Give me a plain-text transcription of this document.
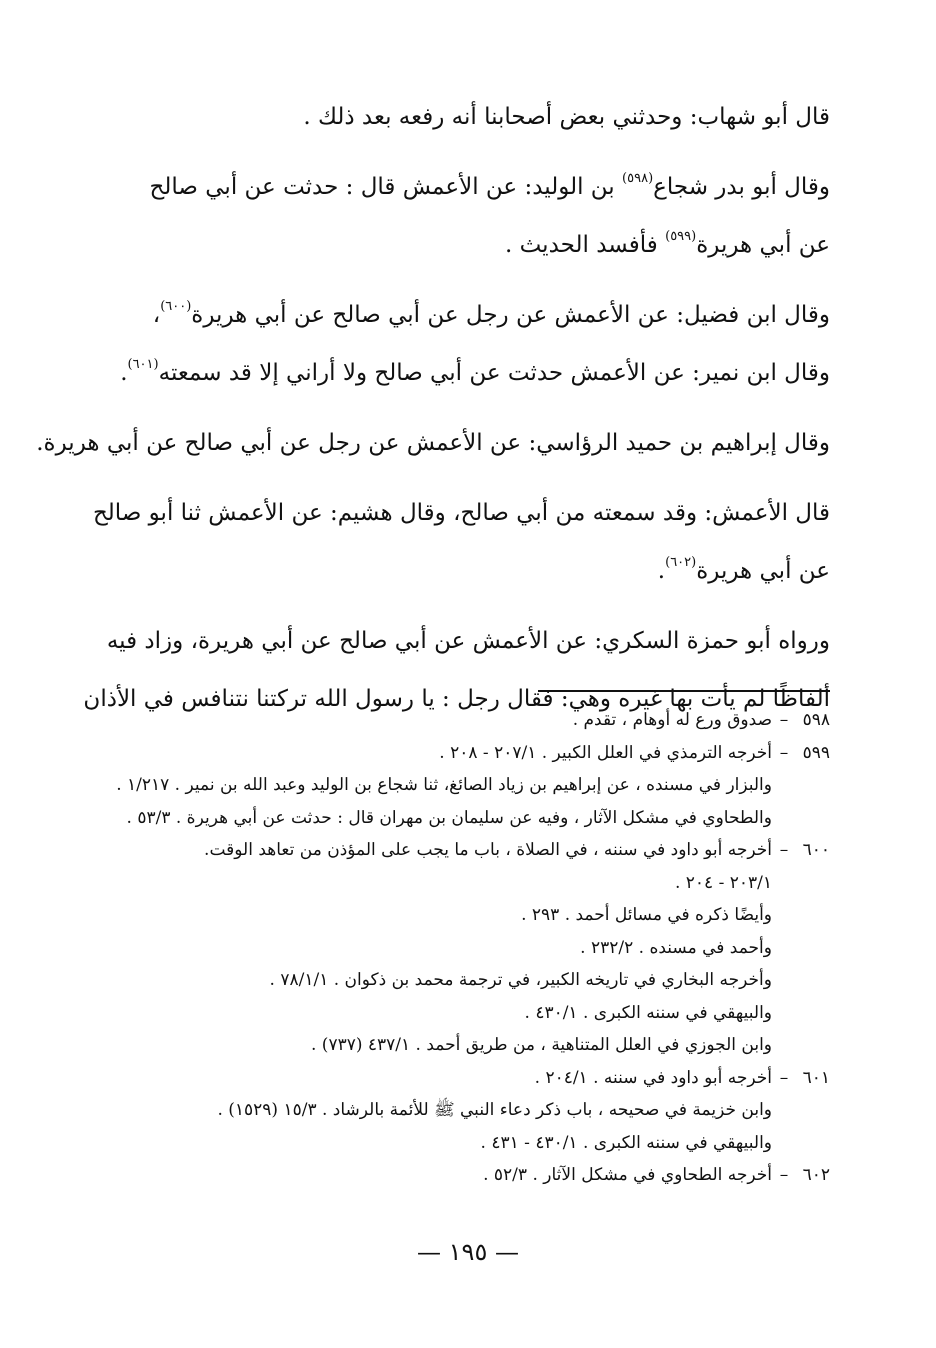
قال أبو شهاب: وحدثني بعض أصحابنا أنه رفعه بعد ذلك .

وقال أبو بدر شجاع$^{(٥٩٨)}$ بن الوليد: عن الأعمش قال : حدثت عن أبي صالح
عن أبي هريرة$^{(٥٩٩)}$ فأفسد الحديث .

وقال ابن فضيل: عن الأعمش عن رجل عن أبي صالح عن أبي هريرة$^{(٦٠٠)}$،
وقال ابن نمير: عن الأعمش حدثت عن أبي صالح ولا أراني إلا قد سمعته$^{(٦٠١)}$.

وقال إبراهيم بن حميد الرؤاسي: عن الأعمش عن رجل عن أبي صالح عن أبي هريرة.

قال الأعمش: وقد سمعته من أبي صالح، وقال هشيم: عن الأعمش ثنا أبو صالح
عن أبي هريرة$^{(٦٠٢)}$.

ورواه أبو حمزة السكري: عن الأعمش عن أبي صالح عن أبي هريرة، وزاد فيه
ألفاظًا لم يأت بها غيره وهي: فقال رجل : يا رسول الله تركتنا نتنافس في الأذان

٥٩٨
–
صدوق ورع له أوهام ، تقدم .
٥٩٩
–
أخرجه الترمذي في العلل الكبير . ٢٠٧/١ - ٢٠٨ .
والبزار في مسنده ، عن إبراهيم بن زياد الصائغ، ثنا شجاع بن الوليد وعبد الله بن نمير . ١/٢١٧ .
والطحاوي في مشكل الآثار ، وفيه عن سليمان بن مهران قال : حدثت عن أبي هريرة . ٥٣/٣ .
٦٠٠
–
أخرجه أبو داود في سننه ، في الصلاة ، باب ما يجب على المؤذن من تعاهد الوقت.
٢٠٣/١ - ٢٠٤ .
وأيضًا ذكره في مسائل أحمد . ٢٩٣ .
وأحمد في مسنده . ٢٣٢/٢ .
وأخرجه البخاري في تاريخه الكبير، في ترجمة محمد بن ذكوان . ٧٨/١/١ .
والبيهقي في سننه الكبرى . ٤٣٠/١ .
وابن الجوزي في العلل المتناهية ، من طريق أحمد . ٤٣٧/١ (٧٣٧) .
٦٠١
–
أخرجه أبو داود في سننه . ٢٠٤/١ .
وابن خزيمة في صحيحه ، باب ذكر دعاء النبي ﷺ للأئمة بالرشاد . ١٥/٣ (١٥٢٩) .
والبيهقي في سننه الكبرى . ٤٣٠/١ - ٤٣١ .
٦٠٢
–
أخرجه الطحاوي في مشكل الآثار . ٥٢/٣ .
— ١٩٥ —
